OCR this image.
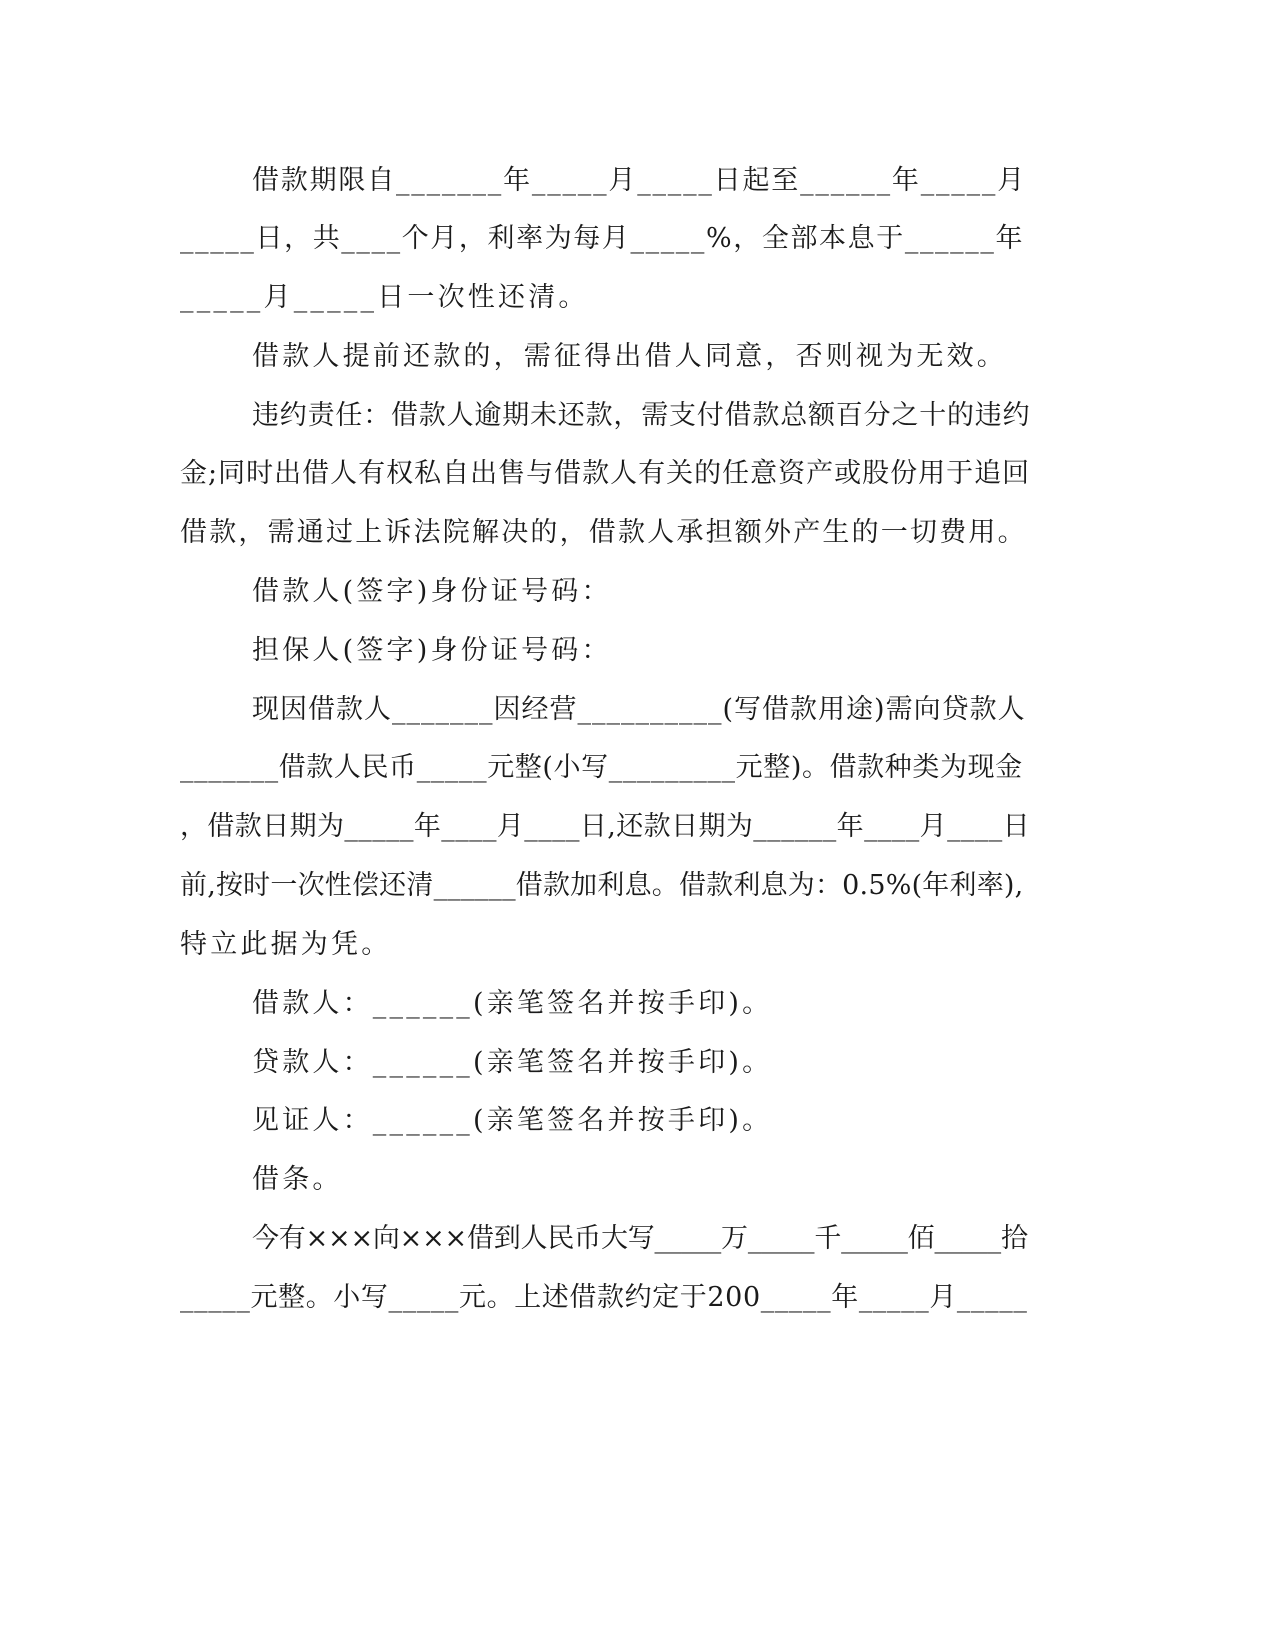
借款期限自_______年_____月_____日起至______年_____月

_____日，共____个月，利率为每月_____%，全部本息于______年

_____月_____日一次性还清。

借款人提前还款的，需征得出借人同意，否则视为无效。

违约责任：借款人逾期未还款，需支付借款总额百分之十的违约

金;同时出借人有权私自出售与借款人有关的任意资产或股份用于追回

借款，需通过上诉法院解决的，借款人承担额外产生的一切费用。

借款人(签字)身份证号码：

担保人(签字)身份证号码：

现因借款人_______因经营__________(写借款用途)需向贷款人

_______借款人民币_____元整(小写_________元整)。借款种类为现金

，借款日期为_____年____月____日,还款日期为______年____月____日

前,按时一次性偿还清______借款加利息。借款利息为：0.5%(年利率),

特立此据为凭。

借款人：______(亲笔签名并按手印)。

贷款人：______(亲笔签名并按手印)。

见证人：______(亲笔签名并按手印)。

借条。

今有×××向×××借到人民币大写_____万_____千_____佰_____拾

_____元整。小写_____元。上述借款约定于200_____年_____月_____
